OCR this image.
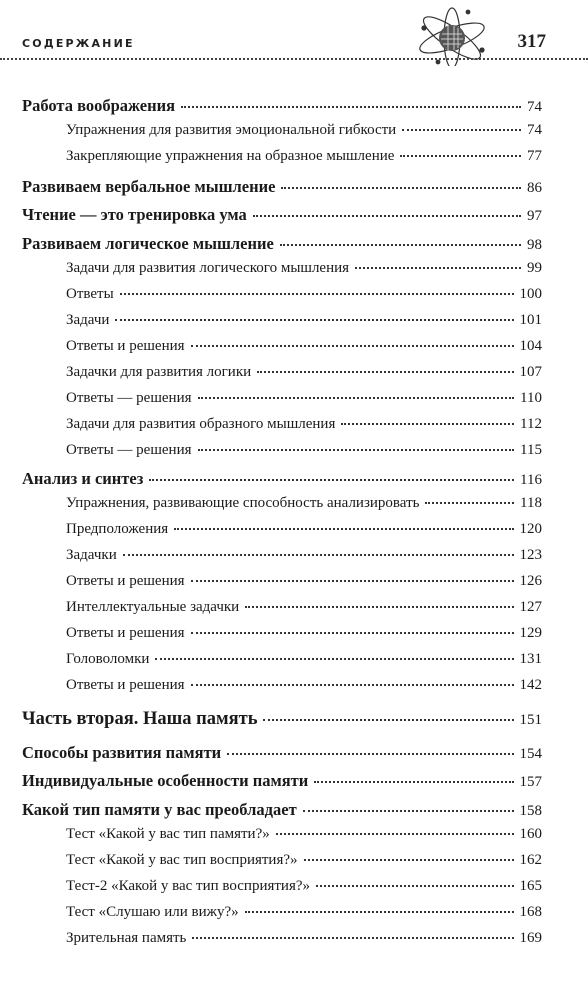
СОДЕРЖАНИЕ	317
Работа воображения	74
Упражнения для развития эмоциональной гибкости	74
Закрепляющие упражнения на образное мышление	77
Развиваем вербальное мышление	86
Чтение — это тренировка ума	97
Развиваем логическое мышление	98
Задачи для развития логического мышления	99
Ответы	100
Задачи	101
Ответы и решения	104
Задачки для развития логики	107
Ответы — решения	110
Задачи для развития образного мышления	112
Ответы — решения	115
Анализ и синтез	116
Упражнения, развивающие способность анализировать	118
Предположения	120
Задачки	123
Ответы и решения	126
Интеллектуальные задачки	127
Ответы и решения	129
Головоломки	131
Ответы и решения	142
Часть вторая. Наша память	151
Способы развития памяти	154
Индивидуальные особенности памяти	157
Какой тип памяти у вас преобладает	158
Тест «Какой у вас тип памяти?»	160
Тест «Какой у вас тип восприятия?»	162
Тест-2 «Какой у вас тип восприятия?»	165
Тест «Слушаю или вижу?»	168
Зрительная память	169
